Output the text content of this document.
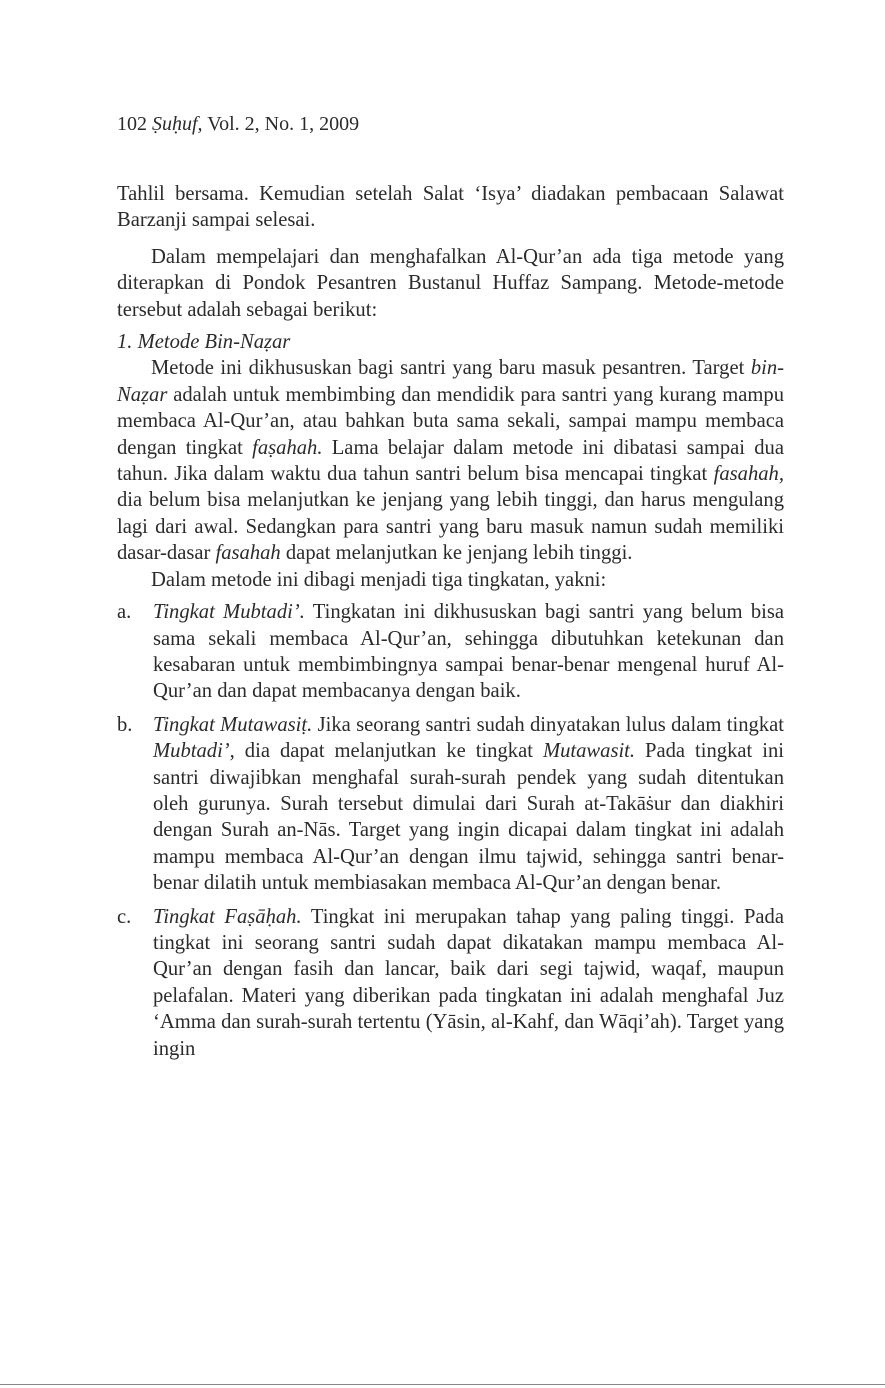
102 Ṣuḥuf, Vol. 2, No. 1, 2009

Tahlil bersama. Kemudian setelah Salat ‘Isya’ diadakan pembacaan Salawat Barzanji sampai selesai.

Dalam mempelajari dan menghafalkan Al-Qur’an ada tiga metode yang diterapkan di Pondok Pesantren Bustanul Huffaz Sampang. Metode-metode tersebut adalah sebagai berikut:

1. Metode Bin-Naẓar

Metode ini dikhususkan bagi santri yang baru masuk pesantren. Target bin-Naẓar adalah untuk membimbing dan mendidik para santri yang kurang mampu membaca Al-Qur’an, atau bahkan buta sama sekali, sampai mampu membaca dengan tingkat faṣahah. Lama belajar dalam metode ini dibatasi sampai dua tahun. Jika dalam waktu dua tahun santri belum bisa mencapai tingkat fasahah, dia belum bisa melanjutkan ke jenjang yang lebih tinggi, dan harus mengulang lagi dari awal. Sedangkan para santri yang baru masuk namun sudah memiliki dasar-dasar fasahah dapat melanjutkan ke jenjang lebih tinggi.

Dalam metode ini dibagi menjadi tiga tingkatan, yakni:

a. Tingkat Mubtadi’. Tingkatan ini dikhususkan bagi santri yang belum bisa sama sekali membaca Al-Qur’an, sehingga dibutuhkan ketekunan dan kesabaran untuk membimbingnya sampai benar-benar mengenal huruf Al-Qur’an dan dapat membacanya dengan baik.
b. Tingkat Mutawasiṭ. Jika seorang santri sudah dinyatakan lulus dalam tingkat Mubtadi’, dia dapat melanjutkan ke tingkat Mutawasit. Pada tingkat ini santri diwajibkan menghafal surah-surah pendek yang sudah ditentukan oleh gurunya. Surah tersebut dimulai dari Surah at-Takāṡur dan diakhiri dengan Surah an-Nās. Target yang ingin dicapai dalam tingkat ini adalah mampu membaca Al-Qur’an dengan ilmu tajwid, sehingga santri benar-benar dilatih untuk membiasakan membaca Al-Qur’an dengan benar.
c. Tingkat Faṣāḥah. Tingkat ini merupakan tahap yang paling tinggi. Pada tingkat ini seorang santri sudah dapat dikatakan mampu membaca Al-Qur’an dengan fasih dan lancar, baik dari segi tajwid, waqaf, maupun pelafalan. Materi yang diberikan pada tingkatan ini adalah menghafal Juz ‘Amma dan surah-surah tertentu (Yāsin, al-Kahf, dan Wāqi’ah). Target yang ingin
